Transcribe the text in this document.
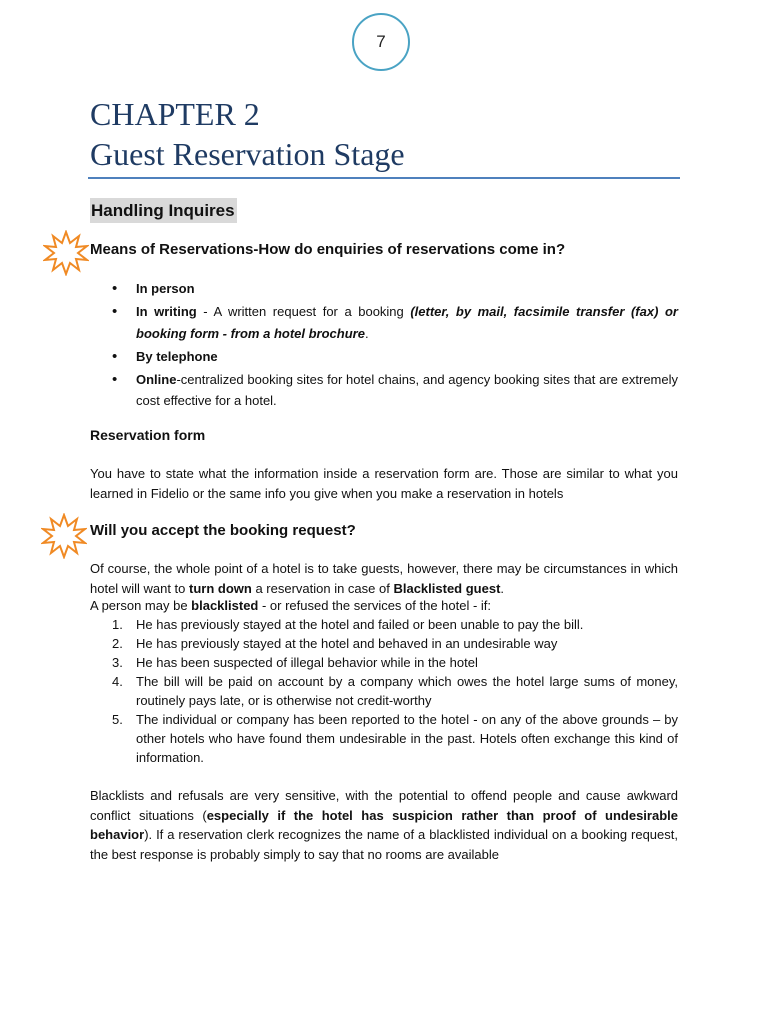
7
CHAPTER 2
Guest Reservation Stage
Handling Inquires
Means of Reservations-How do enquiries of reservations come in?
• In person
• In writing - A written request for a booking (letter, by mail, facsimile transfer (fax) or booking form - from a hotel brochure.
• By telephone
• Online-centralized booking sites for hotel chains, and agency booking sites that are extremely cost effective for a hotel.
Reservation form

You have to state what the information inside a reservation form are. Those are similar to what you learned in Fidelio or the same info you give when you make a reservation in hotels

Will you accept the booking request?

Of course, the whole point of a hotel is to take guests, however, there may be circumstances in which hotel will want to turn down a reservation in case of Blacklisted guest.

A person may be blacklisted - or refused the services of the hotel - if:

1. He has previously stayed at the hotel and failed or been unable to pay the bill.
2. He has previously stayed at the hotel and behaved in an undesirable way
3. He has been suspected of illegal behavior while in the hotel
4. The bill will be paid on account by a company which owes the hotel large sums of money, routinely pays late, or is otherwise not credit-worthy
5. The individual or company has been reported to the hotel - on any of the above grounds – by other hotels who have found them undesirable in the past. Hotels often exchange this kind of information.

Blacklists and refusals are very sensitive, with the potential to offend people and cause awkward conflict situations (especially if the hotel has suspicion rather than proof of undesirable behavior). If a reservation clerk recognizes the name of a blacklisted individual on a booking request, the best response is probably simply to say that no rooms are available
